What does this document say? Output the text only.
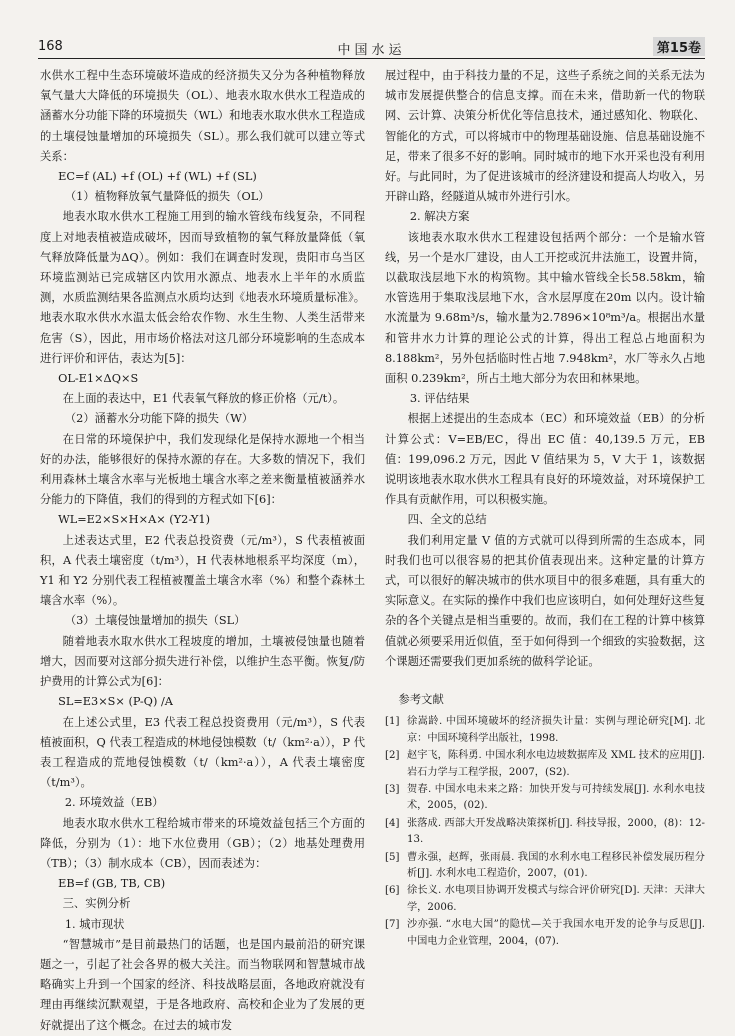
168	中国水运	第15卷

水供水工程中生态环境破坏造成的经济损失又分为各种植物释放氧气量大大降低的环境损失（OL）、地表水取水供水工程造成的涵蓄水分功能下降的环境损失（WL）和地表水取水供水工程造成的土壤侵蚀量增加的环境损失（SL）。那么我们就可以建立等式关系：

EC=f (AL) +f (OL) +f (WL) +f (SL)

（1）植物释放氧气量降低的损失（OL）

地表水取水供水工程施工用到的输水管线布线复杂，不同程度上对地表植被造成破坏，因而导致植物的氧气释放量降低（氧气释放降低量为ΔQ）。例如：我们在调查时发现，贵阳市乌当区环境监测站已完成辖区内饮用水源点、地表水上半年的水质监测，水质监测结果各监测点水质均达到《地表水环境质量标准》。地表水取水供水水温太低会给农作物、水生生物、人类生活带来危害（S），因此，用市场价格法对这几部分环境影响的生态成本进行评价和评估，表达为[5]：

OL-E1×ΔQ×S

在上面的表达中，E1 代表氧气释放的修正价格（元/t）。

（2）涵蓄水分功能下降的损失（W）

在日常的环境保护中，我们发现绿化是保持水源地一个相当好的办法，能够很好的保持水源的存在。大多数的情况下，我们利用森林土壤含水率与光板地土壤含水率之差来衡量植被涵养水分能力的下降值，我们的得到的方程式如下[6]：

WL=E2×S×H×A× (Y2-Y1)

上述表达式里，E2 代表总投资费（元/m³），S 代表植被面积，A 代表土壤密度（t/m³），H 代表林地根系平均深度（m），Y1 和 Y2 分别代表工程植被覆盖土壤含水率（%）和整个森林土壤含水率（%）。

（3）土壤侵蚀量增加的损失（SL）

随着地表水取水供水工程坡度的增加，土壤被侵蚀量也随着增大，因而要对这部分损失进行补偿，以维护生态平衡。恢复/防护费用的计算公式为[6]：

SL=E3×S× (P-Q) /A

在上述公式里，E3 代表工程总投资费用（元/m³），S 代表植被面积，Q 代表工程造成的林地侵蚀模数（t/（km²·a）），P 代表工程造成的荒地侵蚀模数（t/（km²·a）），A 代表土壤密度（t/m³）。

2. 环境效益（EB）

地表水取水供水工程给城市带来的环境效益包括三个方面的降低，分别为（1）：地下水位费用（GB）；（2）地基处理费用（TB）；（3）制水成本（CB），因而表述为：

EB=f (GB, TB, CB)

三、实例分析

1. 城市现状

“智慧城市”是目前最热门的话题，也是国内最前沿的研究课题之一，引起了社会各界的极大关注。而当物联网和智慧城市战略确实上升到一个国家的经济、科技战略层面，各地政府就没有理由再继续沉默观望，于是各地政府、高校和企业为了发展的更好就提出了这个概念。在过去的城市发

展过程中，由于科技力量的不足，这些子系统之间的关系无法为城市发展提供整合的信息支撑。而在未来，借助新一代的物联网、云计算、决策分析优化等信息技术，通过感知化、物联化、智能化的方式，可以将城市中的物理基础设施、信息基础设施不足，带来了很多不好的影响。同时城市的地下水开采也没有利用好。与此同时，为了促进该城市的经济建设和提高人均收入，另开辟山路，经隧道从城市外进行引水。

2. 解决方案

该地表水取水供水工程建设包括两个部分：一个是输水管线，另一个是水厂建设，由人工开挖或沉井法施工，设置井筒，以截取浅层地下水的构筑物。其中输水管线全长58.58km，输水管选用于集取浅层地下水，含水层厚度在20m 以内。设计输水流量为 9.68m³/s，输水量为2.7896×10⁸m³/a。根据出水量和管井水力计算的理论公式的计算，得出工程总占地面积为 8.188km²，另外包括临时性占地 7.948km²，水厂等永久占地面积 0.239km²，所占土地大部分为农田和林果地。

3. 评估结果

根据上述提出的生态成本（EC）和环境效益（EB）的分析计算公式：V=EB/EC，得出 EC 值：40,139.5 万元，EB 值：199,096.2 万元，因此 V 值结果为 5，V 大于 1，该数据说明该地表水取水供水工程具有良好的环境效益，对环境保护工作具有贡献作用，可以积极实施。

四、全文的总结

我们利用定量 V 值的方式就可以得到所需的生态成本，同时我们也可以很容易的把其价值表现出来。这种定量的计算方式，可以很好的解决城市的供水项目中的很多难题，具有重大的实际意义。在实际的操作中我们也应该明白，如何处理好这些复杂的各个关键点是相当重要的。故而，我们在工程的计算中核算值就必须要采用近似值，至于如何得到一个细致的实验数据，这个课题还需要我们更加系统的做科学论证。

参考文献
[1] 徐嵩龄. 中国环境破坏的经济损失计量：实例与理论研究[M]. 北京：中国环境科学出版社，1998.
[2] 赵宇飞，陈科勇. 中国水利水电边坡数据库及 XML 技术的应用[J]. 岩石力学与工程学报，2007，(S2).
[3] 贺春. 中国水电未来之路：加快开发与可持续发展[J]. 水利水电技术，2005，(02).
[4] 张落成. 西部大开发战略决策探析[J]. 科技导报，2000，(8)：12-13.
[5] 曹永强，赵辉，张雨晨. 我国的水利水电工程移民补偿发展历程分析[J]. 水利水电工程造价，2007，(01).
[6] 徐长义. 水电项目协调开发模式与综合评价研究[D]. 天津：天津大学，2006.
[7] 沙亦强. “水电大国”的隐忧—关于我国水电开发的论争与反思[J]. 中国电力企业管理，2004，(07).
